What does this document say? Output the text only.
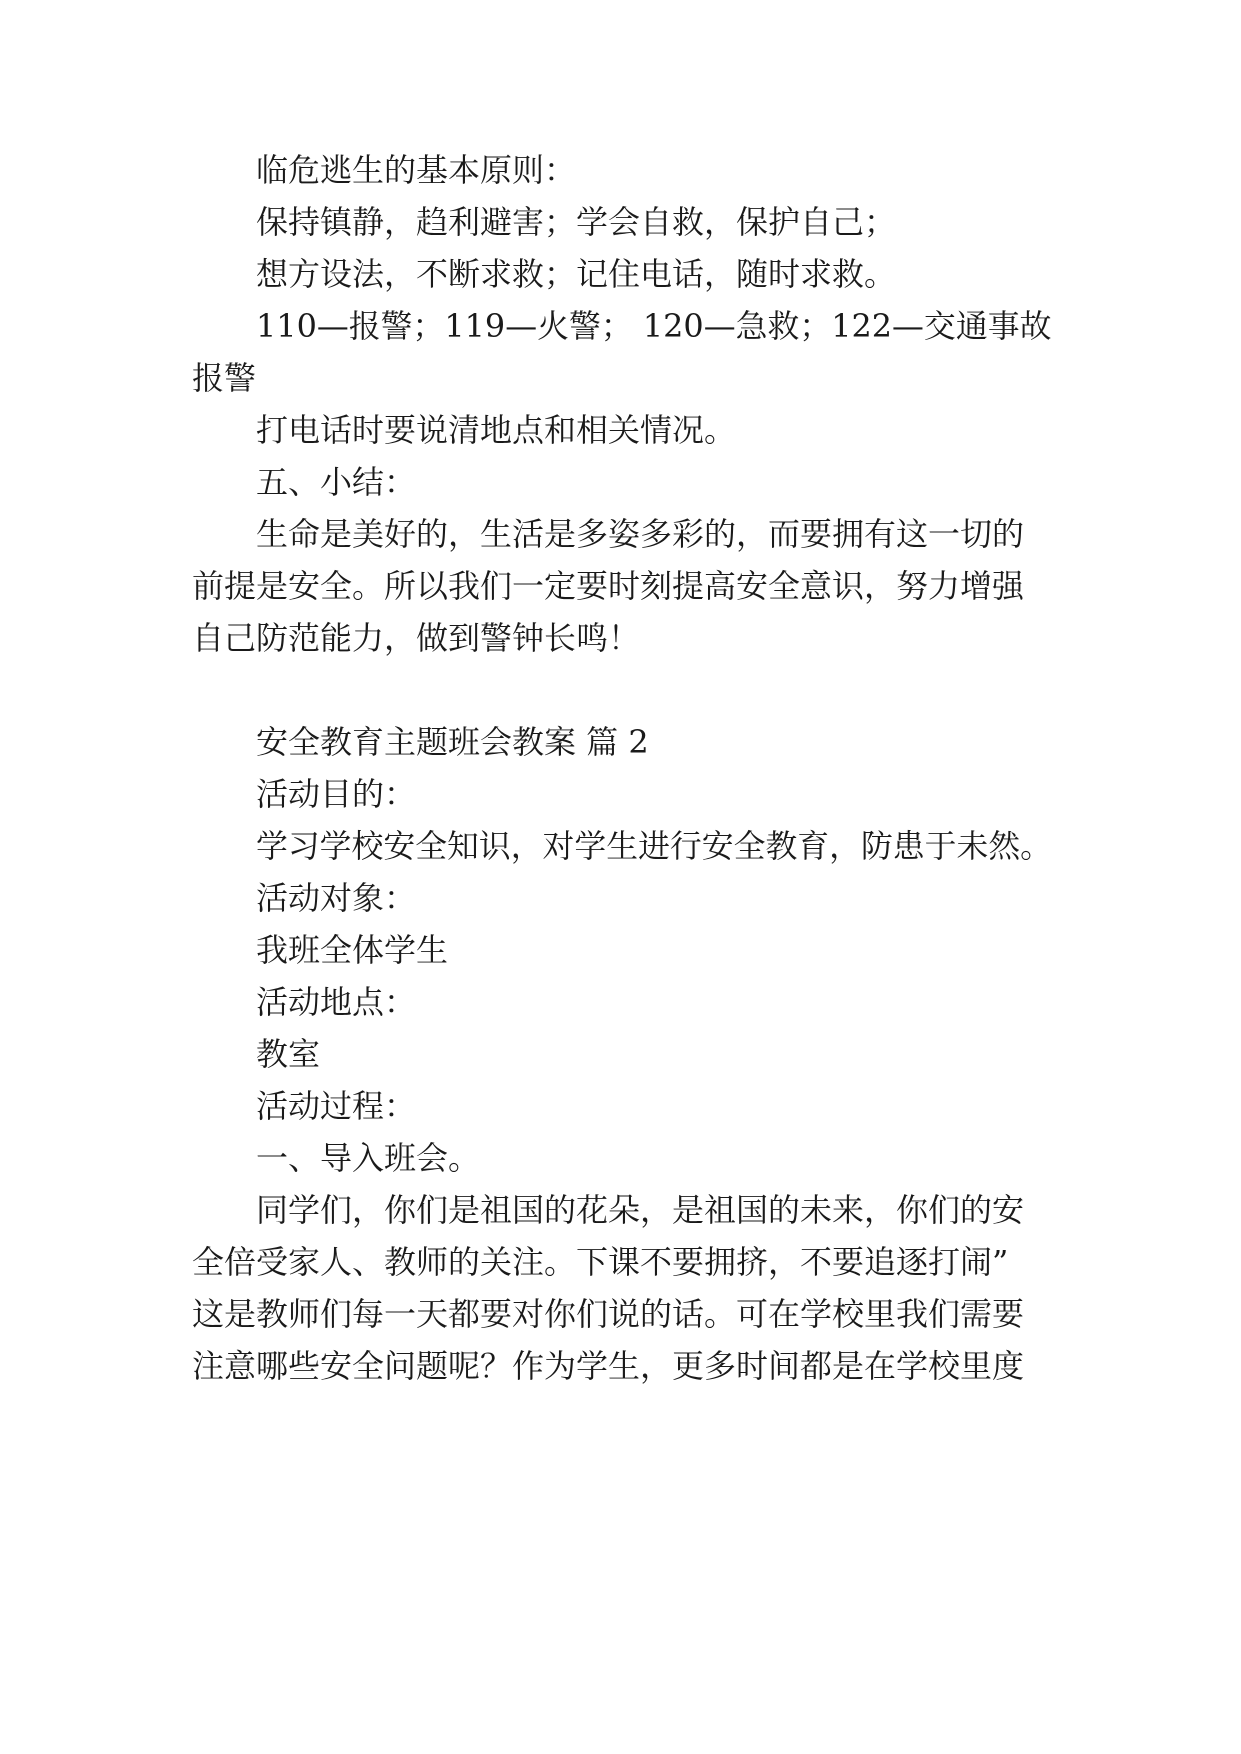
临危逃生的基本原则：
保持镇静，趋利避害；学会自救，保护自己；
想方设法，不断求救；记住电话，随时求救。
110—报警；119—火警； 120—急救；122—交通事故
报警
打电话时要说清地点和相关情况。
五、小结：
生命是美好的，生活是多姿多彩的，而要拥有这一切的
前提是安全。所以我们一定要时刻提高安全意识，努力增强
自己防范能力，做到警钟长鸣！
安全教育主题班会教案 篇 2
活动目的：
学习学校安全知识，对学生进行安全教育，防患于未然。
活动对象：
我班全体学生
活动地点：
教室
活动过程：
一、导入班会。
同学们，你们是祖国的花朵，是祖国的未来，你们的安
全倍受家人、教师的关注。下课不要拥挤，不要追逐打闹”
这是教师们每一天都要对你们说的话。可在学校里我们需要
注意哪些安全问题呢？作为学生，更多时间都是在学校里度
